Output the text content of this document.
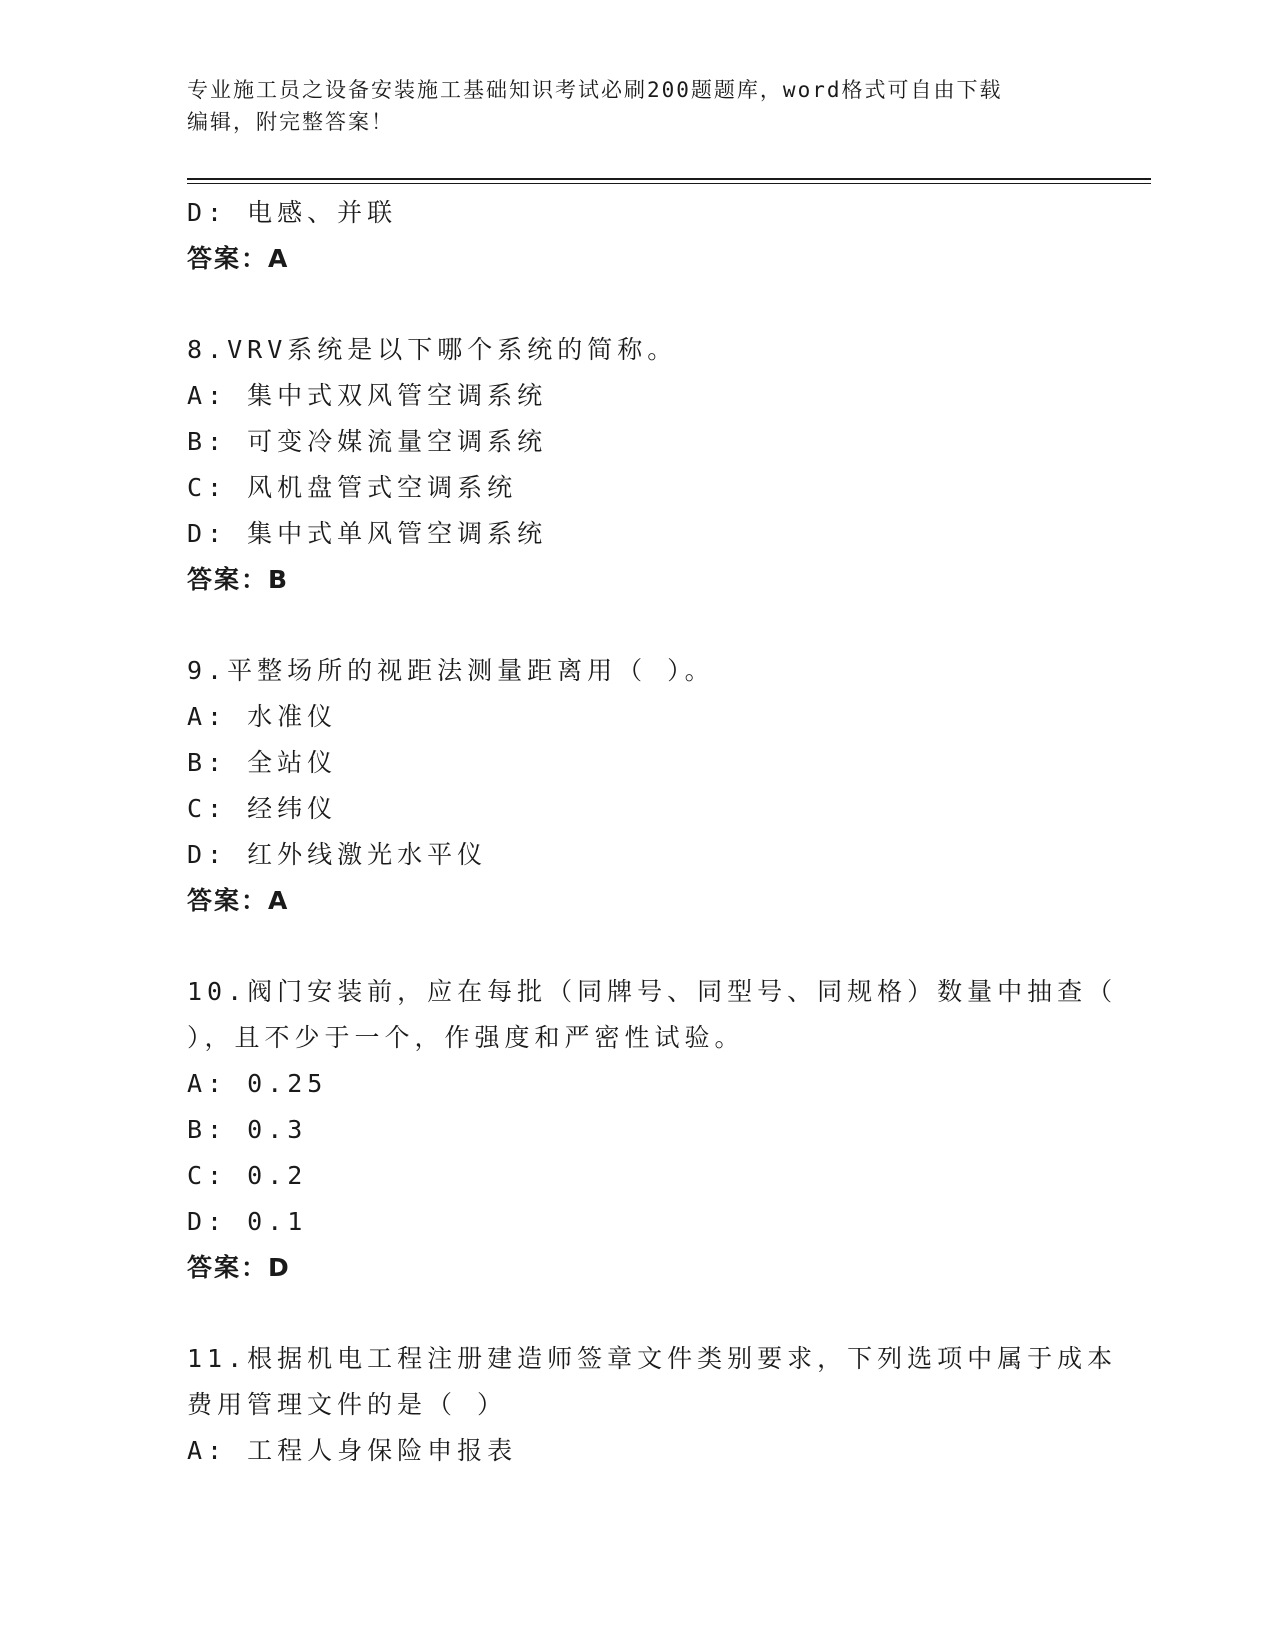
专业施工员之设备安装施工基础知识考试必刷200题题库，word格式可自由下载
编辑，附完整答案！
D: 电感、并联
答案：A
8.VRV系统是以下哪个系统的简称。
A: 集中式双风管空调系统
B: 可变冷媒流量空调系统
C: 风机盘管式空调系统
D: 集中式单风管空调系统
答案：B
9.平整场所的视距法测量距离用（ ）。
A: 水准仪
B: 全站仪
C: 经纬仪
D: 红外线激光水平仪
答案：A
10.阀门安装前，应在每批（同牌号、同型号、同规格）数量中抽查（
），且不少于一个，作强度和严密性试验。
A: 0.25
B: 0.3
C: 0.2
D: 0.1
答案：D
11.根据机电工程注册建造师签章文件类别要求，下列选项中属于成本
费用管理文件的是（ ）
A: 工程人身保险申报表
